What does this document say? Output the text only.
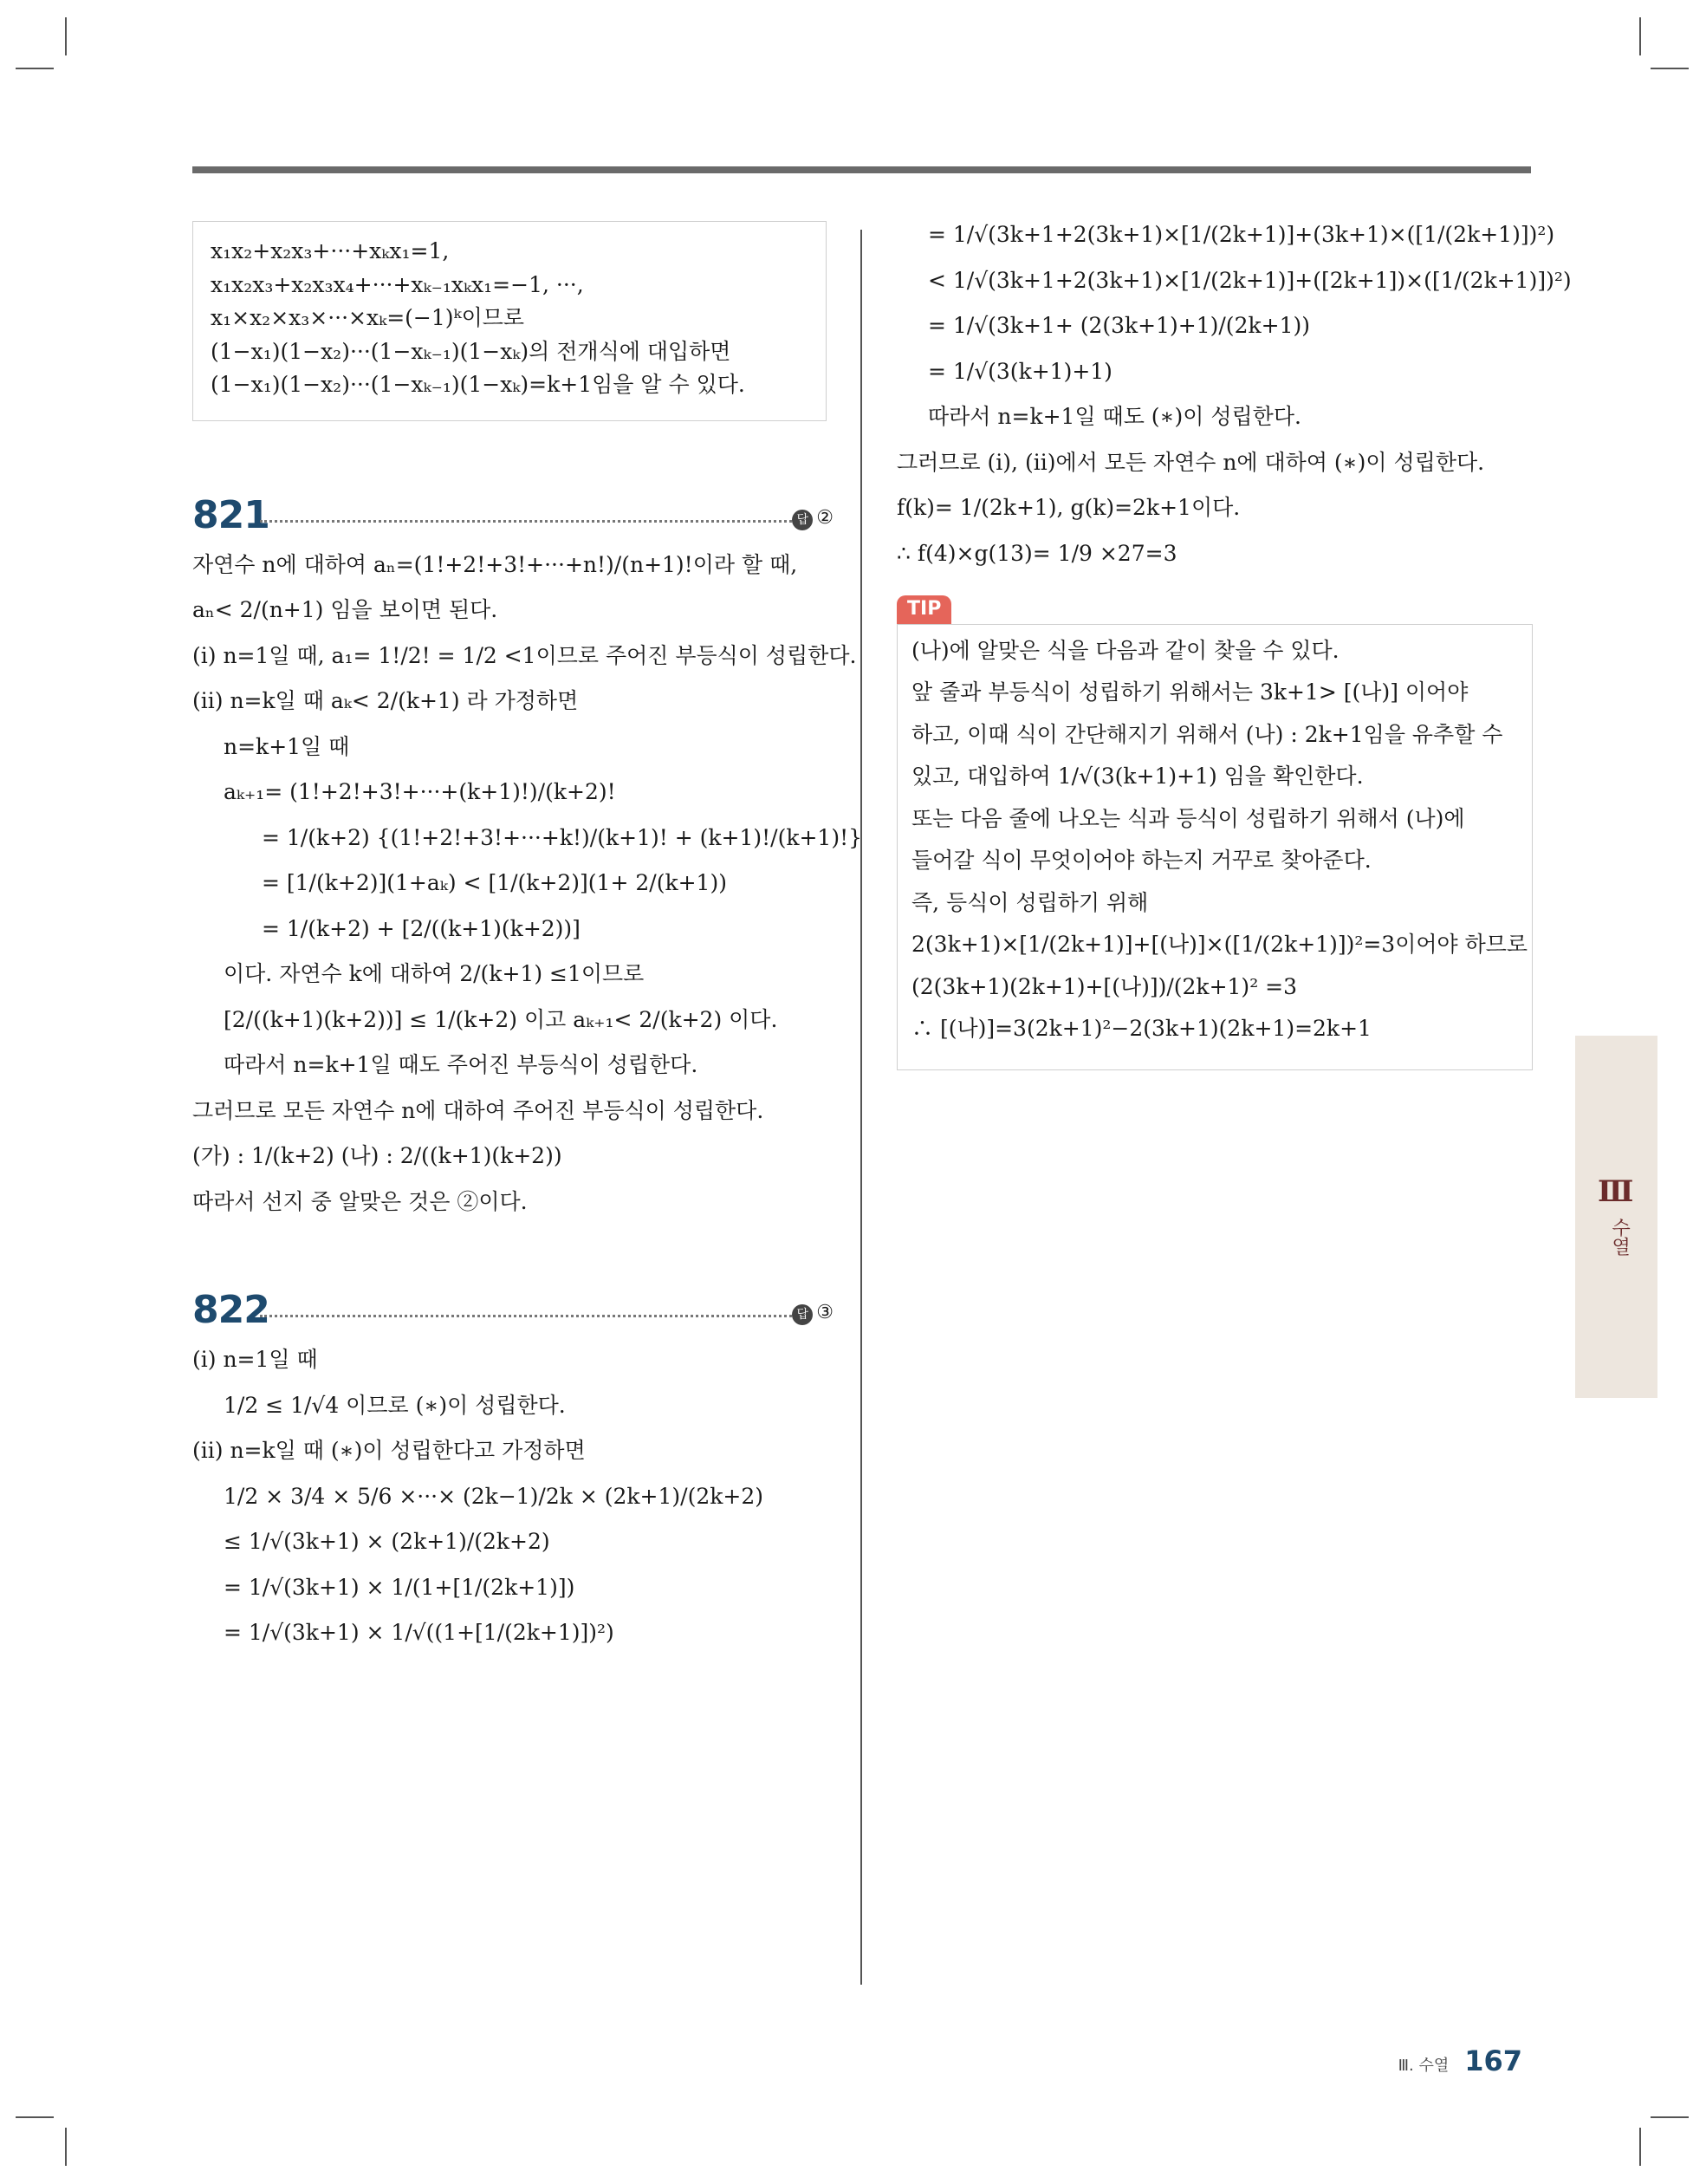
x₁x₂+x₂x₃+···+xₖx₁=1,
x₁x₂x₃+x₂x₃x₄+···+xₖ₋₁xₖx₁=−1, ···,
x₁×x₂×x₃×···×xₖ=(−1)ᵏ이므로
(1−x₁)(1−x₂)···(1−xₖ₋₁)(1−xₖ)의 전개식에 대입하면
(1−x₁)(1−x₂)···(1−xₖ₋₁)(1−xₖ)=k+1임을 알 수 있다.
821	답 ②
자연수 n에 대하여 aₙ=(1!+2!+3!+···+n!)/(n+1)!이라 할 때,
aₙ< 2/(n+1) 임을 보이면 된다.
(i) n=1일 때, a₁= 1!/2! = 1/2 <1이므로 주어진 부등식이 성립한다.
(ii) n=k일 때 aₖ< 2/(k+1) 라 가정하면
n=k+1일 때
aₖ₊₁= (1!+2!+3!+···+(k+1)!)/(k+2)!
= 1/(k+2) {(1!+2!+3!+···+k!)/(k+1)! + (k+1)!/(k+1)!}
= [1/(k+2)](1+aₖ) < [1/(k+2)](1+ 2/(k+1))
= 1/(k+2) + [2/((k+1)(k+2))]
이다. 자연수 k에 대하여 2/(k+1) ≤1이므로
[2/((k+1)(k+2))] ≤ 1/(k+2) 이고 aₖ₊₁< 2/(k+2) 이다.
따라서 n=k+1일 때도 주어진 부등식이 성립한다.
그러므로 모든 자연수 n에 대하여 주어진 부등식이 성립한다.
(가) : 1/(k+2) (나) : 2/((k+1)(k+2))
따라서 선지 중 알맞은 것은 ②이다.
822	답 ③
(i) n=1일 때
1/2 ≤ 1/√4 이므로 (∗)이 성립한다.
(ii) n=k일 때 (∗)이 성립한다고 가정하면
1/2 × 3/4 × 5/6 ×···× (2k−1)/2k × (2k+1)/(2k+2)
≤ 1/√(3k+1) × (2k+1)/(2k+2)
= 1/√(3k+1) × 1/(1+[1/(2k+1)])
= 1/√(3k+1) × 1/√((1+[1/(2k+1)])²)
= 1/√(3k+1+2(3k+1)×[1/(2k+1)]+(3k+1)×([1/(2k+1)])²)
< 1/√(3k+1+2(3k+1)×[1/(2k+1)]+([2k+1])×([1/(2k+1)])²)
= 1/√(3k+1+ (2(3k+1)+1)/(2k+1))
= 1/√(3(k+1)+1)
따라서 n=k+1일 때도 (∗)이 성립한다.
그러므로 (i), (ii)에서 모든 자연수 n에 대하여 (∗)이 성립한다.
f(k)= 1/(2k+1), g(k)=2k+1이다.
∴ f(4)×g(13)= 1/9 ×27=3
TIP
(나)에 알맞은 식을 다음과 같이 찾을 수 있다.
앞 줄과 부등식이 성립하기 위해서는 3k+1> [(나)] 이어야
하고, 이때 식이 간단해지기 위해서 (나) : 2k+1임을 유추할 수
있고, 대입하여 1/√(3(k+1)+1) 임을 확인한다.
또는 다음 줄에 나오는 식과 등식이 성립하기 위해서 (나)에
들어갈 식이 무엇이어야 하는지 거꾸로 찾아준다.
즉, 등식이 성립하기 위해
2(3k+1)×[1/(2k+1)]+[(나)]×([1/(2k+1)])²=3이어야 하므로
(2(3k+1)(2k+1)+[(나)])/(2k+1)² =3
∴ [(나)]=3(2k+1)²−2(3k+1)(2k+1)=2k+1
Ⅲ
수열
Ⅲ. 수열 167
